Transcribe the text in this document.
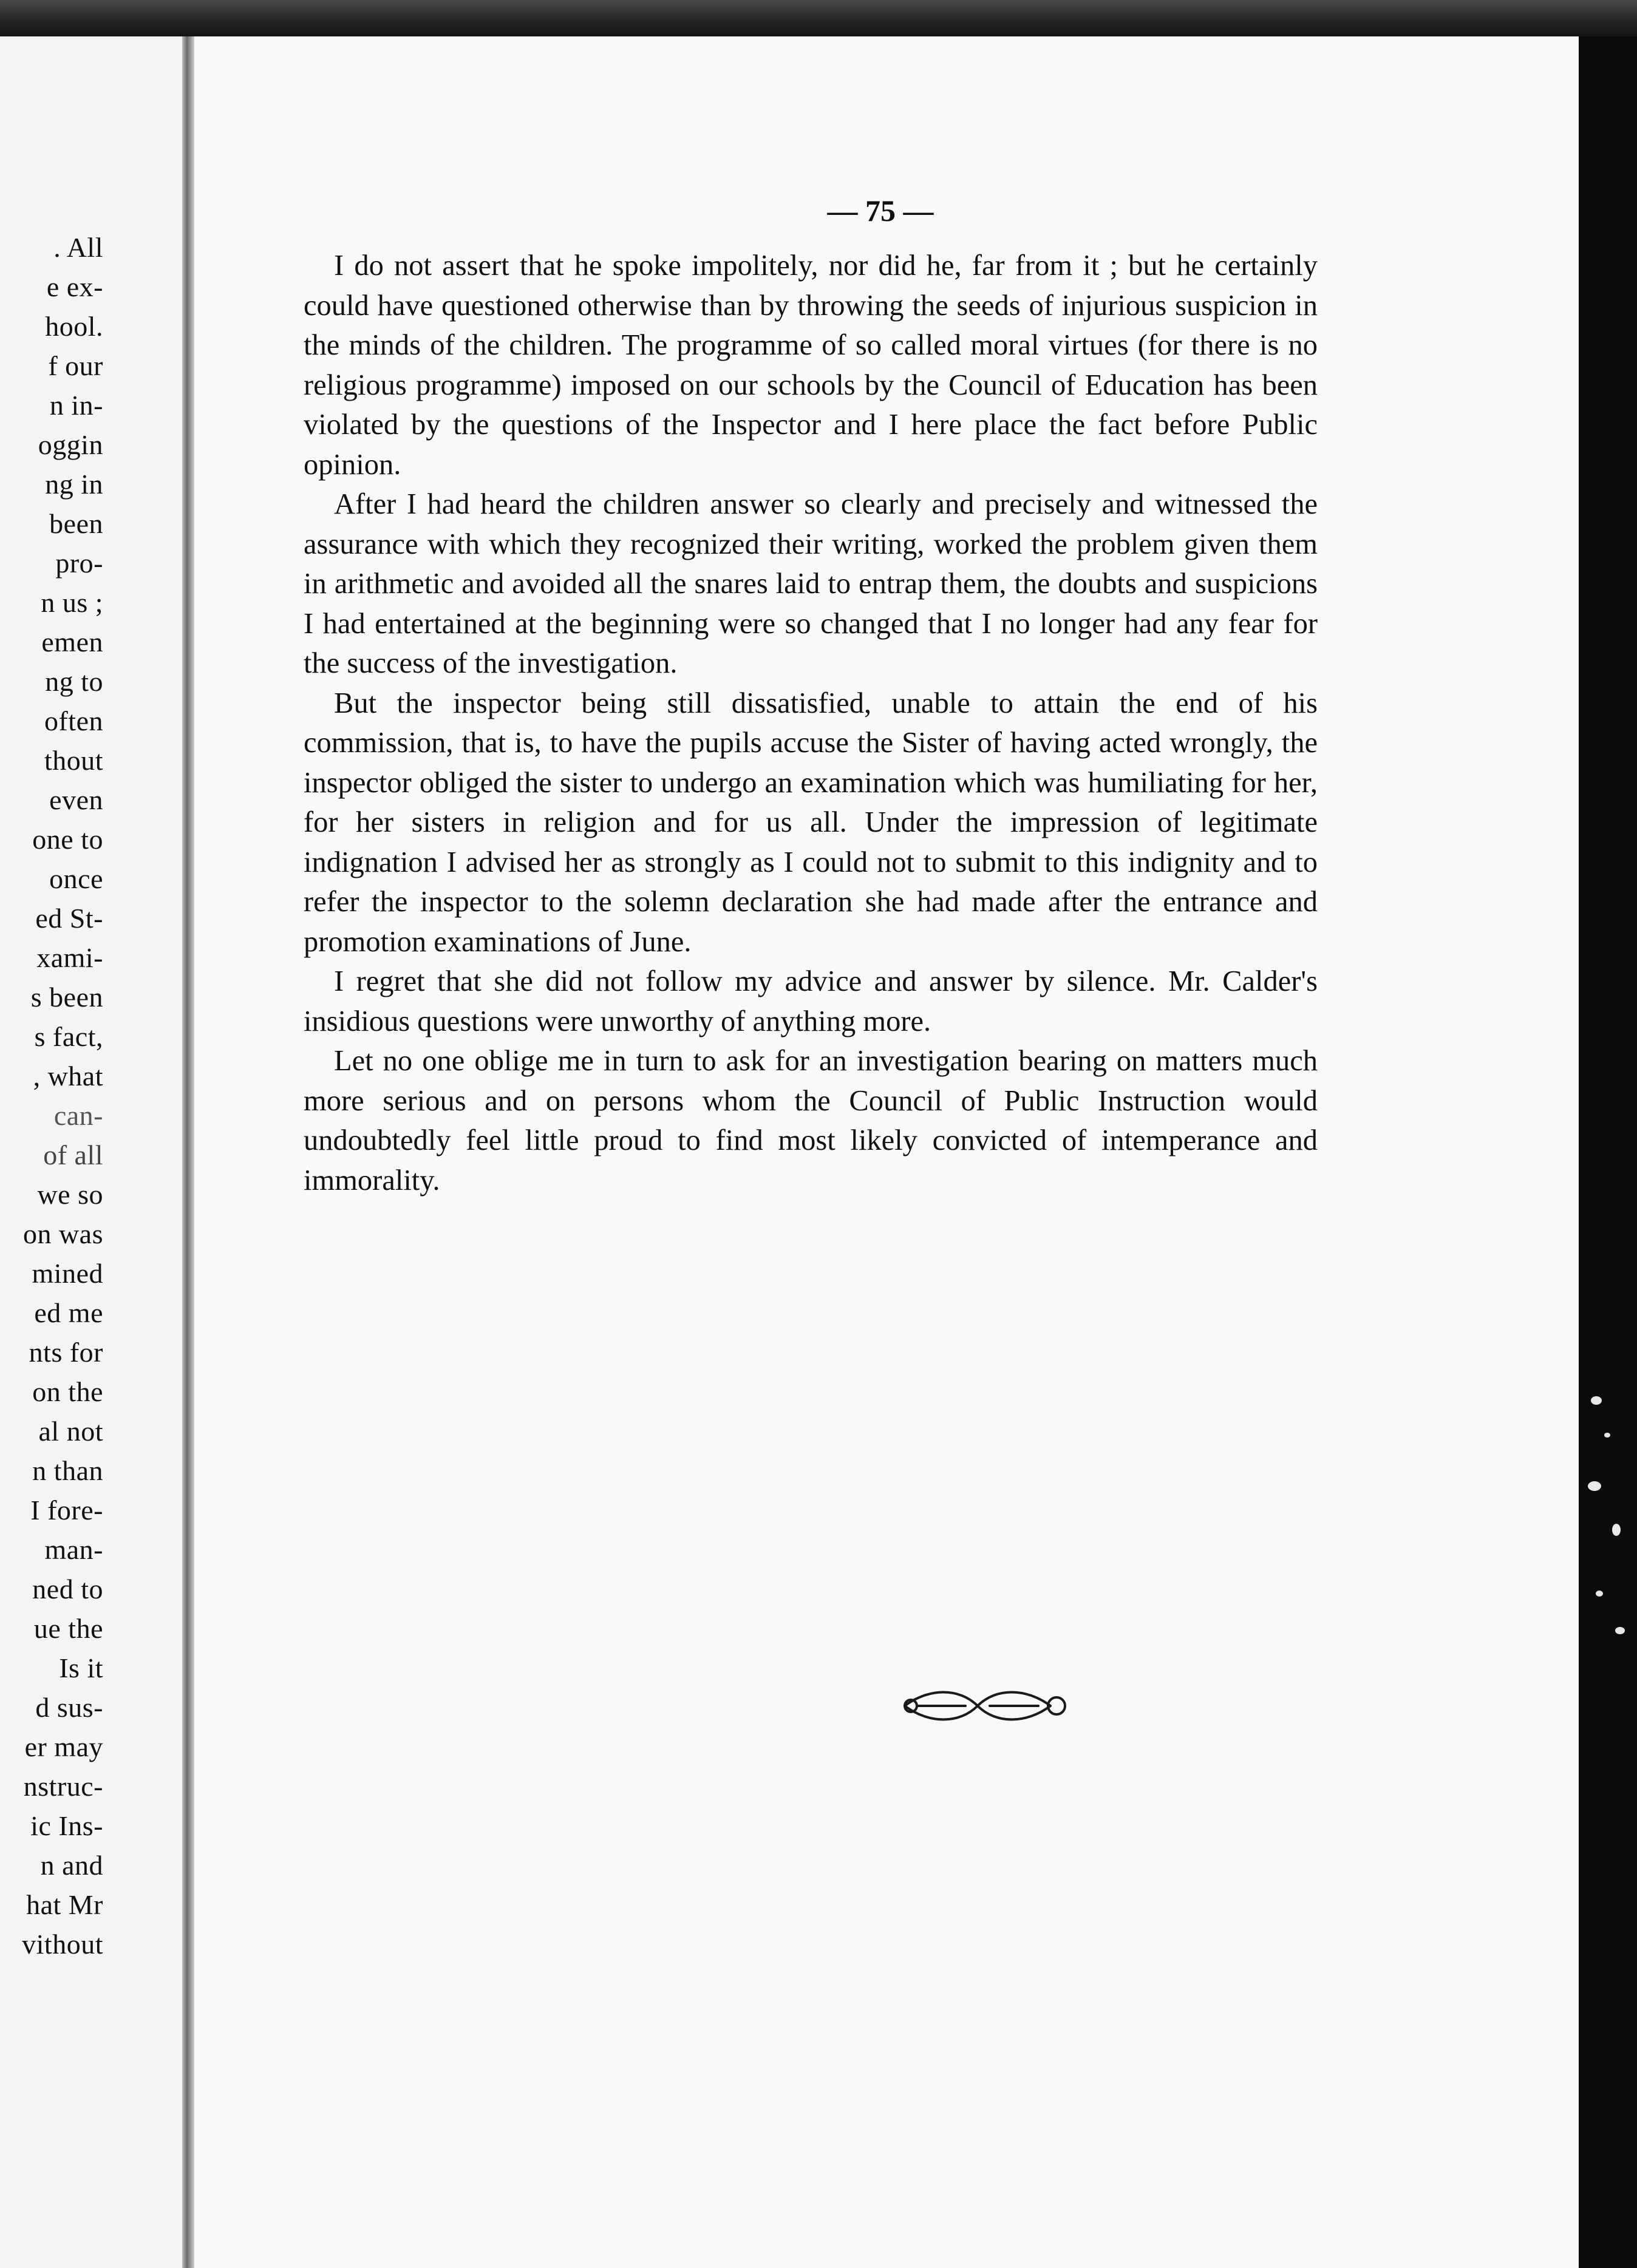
. All
e ex-
hool.
f our
n in-
oggin
ng in
been
pro-
n us ;
emen
ng to
often
thout
even
one to
once
ed St-
xami-
s been
s fact,
, what
can-
of all
we so
on was
mined
ed me
nts for
on the
al not
n than
I fore-
man-
ned to
ue the
Is it
d sus-
er may
nstruc-
ic Ins-
n and
hat Mr
vithout
— 75 —

I do not assert that he spoke impolitely, nor did he, far from it ; but he certainly could have questioned otherwise than by throwing the seeds of injurious suspicion in the minds of the children. The programme of so called moral virtues (for there is no religious programme) imposed on our schools by the Council of Education has been violated by the questions of the Inspector and I here place the fact before Public opinion.

After I had heard the children answer so clearly and precisely and witnessed the assurance with which they recognized their writing, worked the problem given them in arithmetic and avoided all the snares laid to entrap them, the doubts and suspicions I had entertained at the beginning were so changed that I no longer had any fear for the success of the investigation.

But the inspector being still dissatisfied, unable to attain the end of his commission, that is, to have the pupils accuse the Sister of having acted wrongly, the inspector obliged the sister to undergo an examination which was humiliating for her, for her sisters in religion and for us all. Under the impression of legitimate indignation I advised her as strongly as I could not to submit to this indignity and to refer the inspector to the solemn declaration she had made after the entrance and promotion examinations of June.

I regret that she did not follow my advice and answer by silence. Mr. Calder's insidious questions were unworthy of anything more.

Let no one oblige me in turn to ask for an investigation bearing on matters much more serious and on persons whom the Council of Public Instruction would undoubtedly feel little proud to find most likely convicted of intemperance and immorality.
